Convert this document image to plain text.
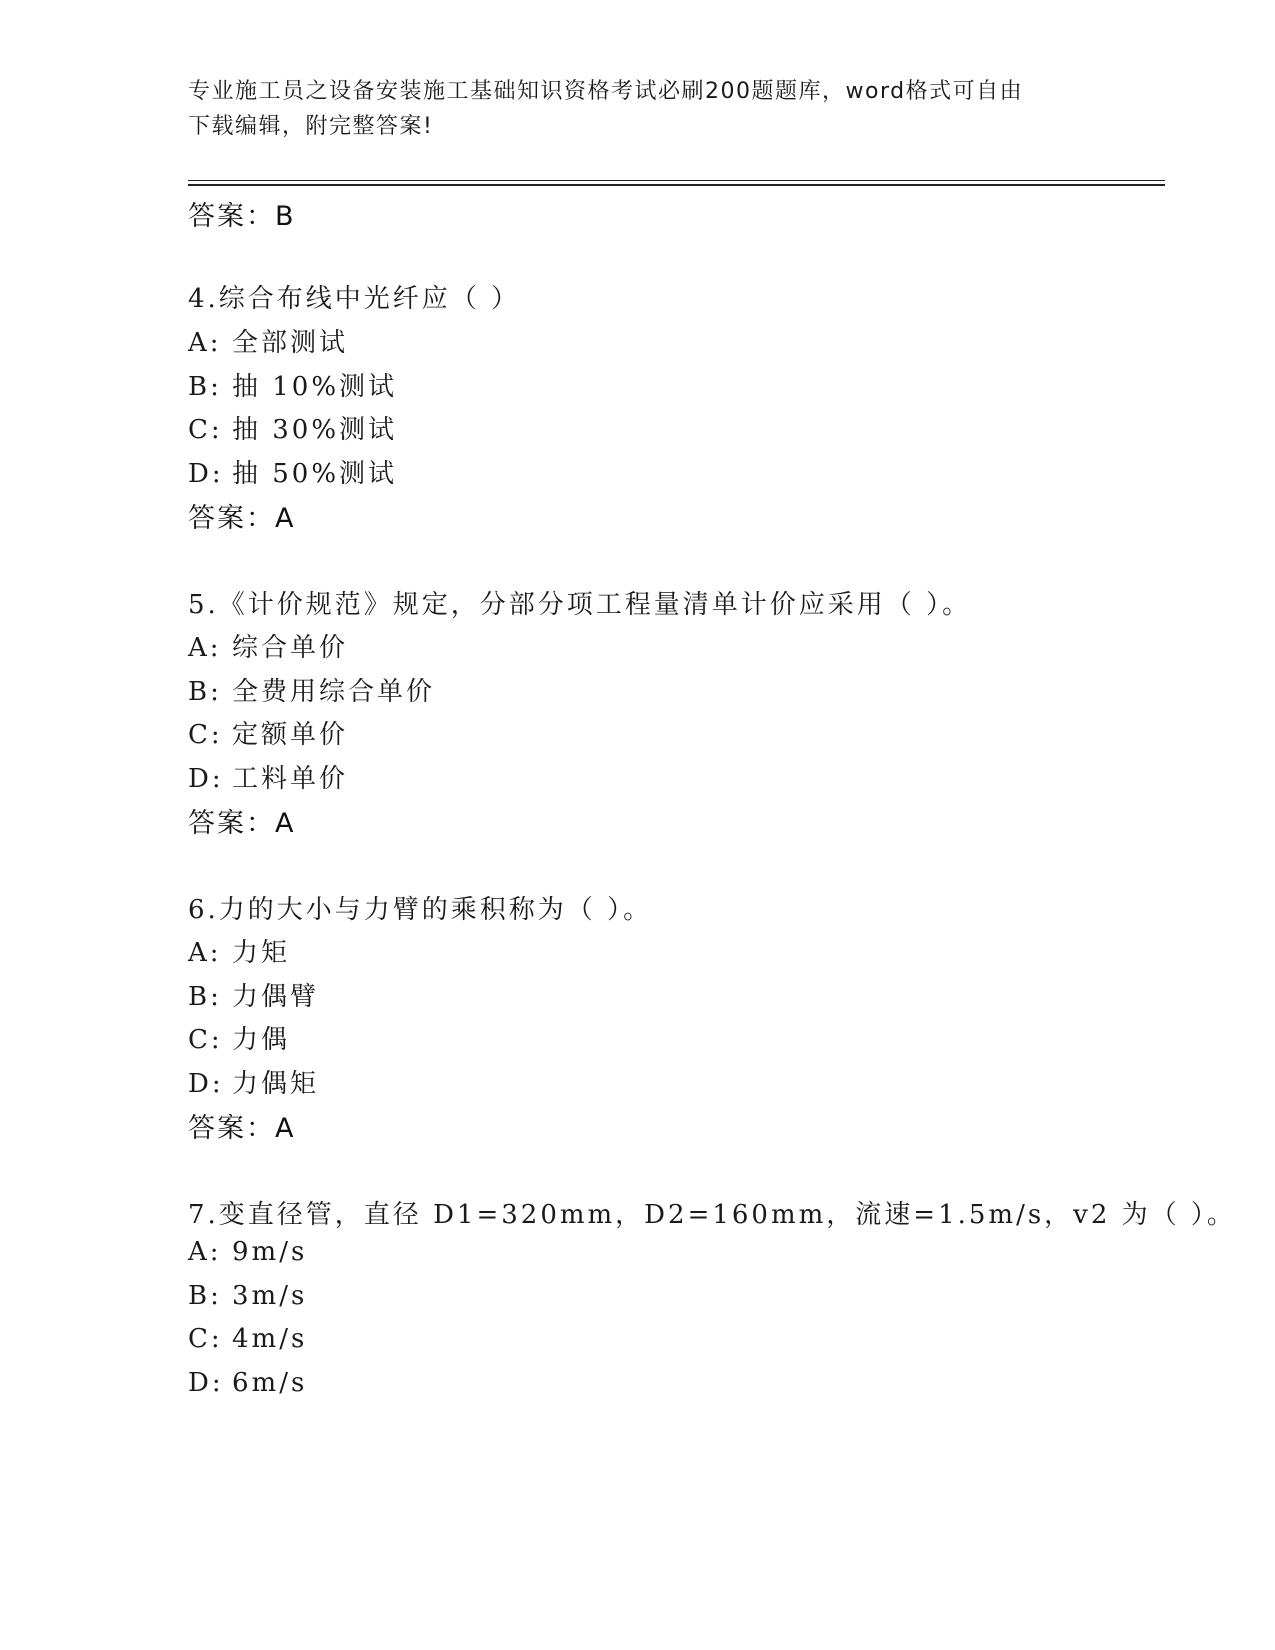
专业施工员之设备安装施工基础知识资格考试必刷200题题库，word格式可自由
下载编辑，附完整答案!
答案：B
4.综合布线中光纤应（ ）
A: 全部测试
B: 抽 10%测试
C: 抽 30%测试
D: 抽 50%测试
答案：A
5.《计价规范》规定，分部分项工程量清单计价应采用（ ）。
A: 综合单价
B: 全费用综合单价
C: 定额单价
D: 工料单价
答案：A
6.力的大小与力臂的乘积称为（ ）。
A: 力矩
B: 力偶臂
C: 力偶
D: 力偶矩
答案：A
7.变直径管，直径 D1=320mm，D2=160mm，流速=1.5m/s，v2 为（ ）。
A: 9m/s
B: 3m/s
C: 4m/s
D: 6m/s
